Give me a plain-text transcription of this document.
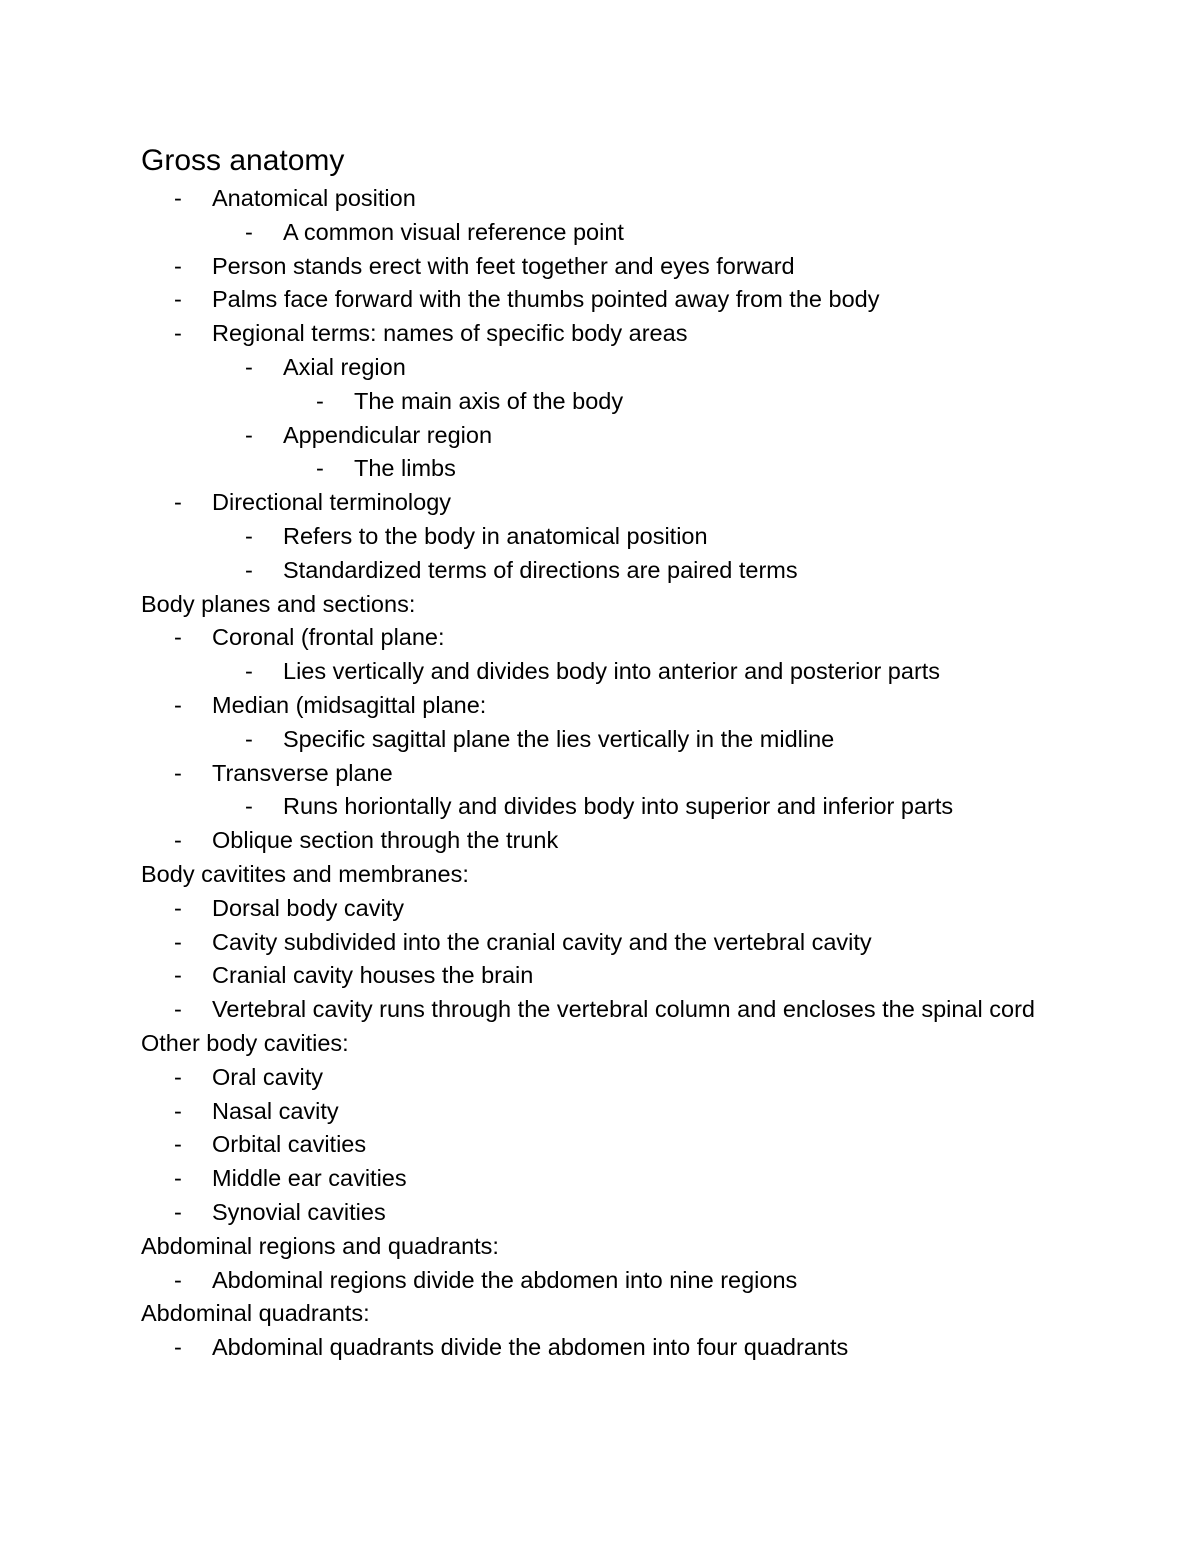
Gross anatomy
- Anatomical position
- A common visual reference point
- Person stands erect with feet together and eyes forward
- Palms face forward with the thumbs pointed away from the body
- Regional terms: names of specific body areas
- Axial region
- The main axis of the body
- Appendicular region
- The limbs
- Directional terminology
- Refers to the body in anatomical position
- Standardized terms of directions are paired terms
Body planes and sections:
- Coronal (frontal plane:
- Lies vertically and divides body into anterior and posterior parts
- Median (midsagittal plane:
- Specific sagittal plane the lies vertically in the midline
- Transverse plane
- Runs horiontally and divides body into superior and inferior parts
- Oblique section through the trunk
Body cavitites and membranes:
- Dorsal body cavity
- Cavity subdivided into the cranial cavity and the vertebral cavity
- Cranial cavity houses the brain
- Vertebral cavity runs through the vertebral column and encloses the spinal cord
Other body cavities:
- Oral cavity
- Nasal cavity
- Orbital cavities
- Middle ear cavities
- Synovial cavities
Abdominal regions and quadrants:
- Abdominal regions divide the abdomen into nine regions
Abdominal quadrants:
- Abdominal quadrants divide the abdomen into four quadrants
